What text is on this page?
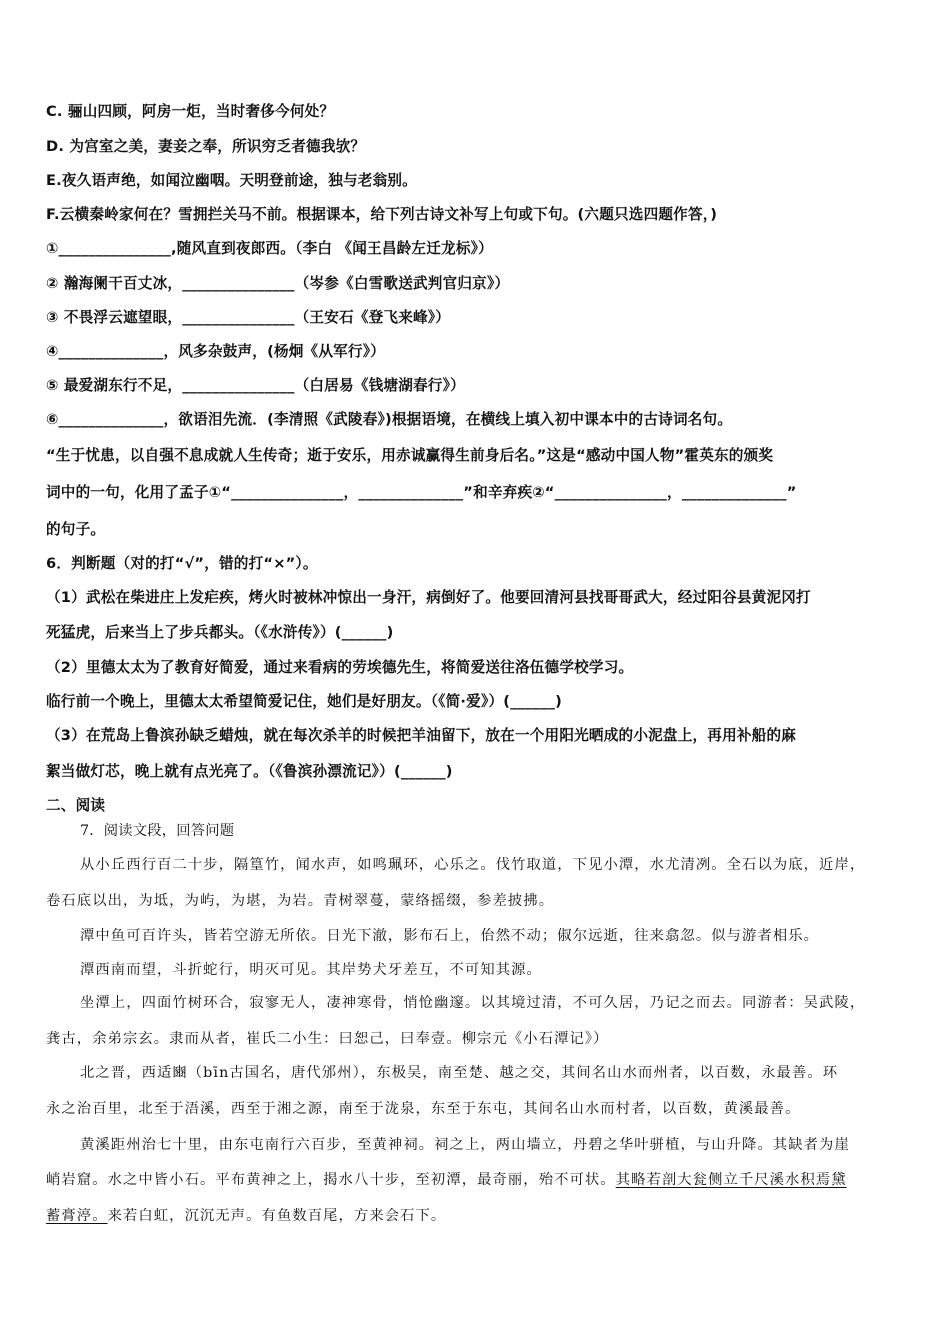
C. 骊山四顾，阿房一炬，当时奢侈今何处？
D. 为宫室之美，妻妾之奉，所识穷乏者德我欤？
E.夜久语声绝，如闻泣幽咽。天明登前途，独与老翁别。
F.云横秦岭家何在？雪拥拦关马不前。根据课本，给下列古诗文补写上句或下句。(六题只选四题作答，)
①_______________,随风直到夜郎西。（李白 《闻王昌龄左迁龙标》）
② 瀚海阑干百丈冰，_______________（岑参《白雪歌送武判官归京》）
③ 不畏浮云遮望眼，_______________（王安石《登飞来峰》）
④______________，风多杂鼓声，(杨炯《从军行》）
⑤ 最爱湖东行不足，_______________（白居易《钱塘湖春行》）
⑥______________，欲语泪先流．(李清照《武陵春》)根据语境，在横线上填入初中课本中的古诗词名句。
“生于忧患，以自强不息成就人生传奇；逝于安乐，用赤诚赢得生前身后名。”这是“感动中国人物”霍英东的颁奖
词中的一句，化用了孟子①“_______________，______________”和辛弃疾②“_______________，______________”
的句子。
6．判断题（对的打“√”，错的打“×”）。
（1）武松在柴进庄上发疟疾，烤火时被林冲惊出一身汗，病倒好了。他要回清河县找哥哥武大，经过阳谷县黄泥冈打
死猛虎，后来当上了步兵都头。（《水浒传》）(______)
（2）里德太太为了教育好简爱，通过来看病的劳埃德先生，将简爱送往洛伍德学校学习。
临行前一个晚上，里德太太希望简爱记住，她们是好朋友。（《简·爱》）(______)
（3）在荒岛上鲁滨孙缺乏蜡烛，就在每次杀羊的时候把羊油留下，放在一个用阳光晒成的小泥盘上，再用补船的麻
絮当做灯芯，晚上就有点光亮了。（《鲁滨孙漂流记》）(______)
二、阅读
7．阅读文段，回答问题
从小丘西行百二十步，隔篁竹，闻水声，如鸣珮环，心乐之。伐竹取道，下见小潭，水尤清冽。全石以为底，近岸，
卷石底以出，为坻，为屿，为堪，为岩。青树翠蔓，蒙络摇缀，参差披拂。
潭中鱼可百许头，皆若空游无所依。日光下澈，影布石上，佁然不动；俶尔远逝，往来翕忽。似与游者相乐。
潭西南而望，斗折蛇行，明灭可见。其岸势犬牙差互，不可知其源。
坐潭上，四面竹树环合，寂寥无人，凄神寒骨，悄怆幽邃。以其境过清，不可久居，乃记之而去。同游者：吴武陵，
龚古，余弟宗玄。隶而从者，崔氏二小生：曰恕己，曰奉壹。柳宗元《小石潭记》）
北之晋，西适豳（bīn古国名，唐代邠州），东极吴，南至楚、越之交，其间名山水而州者，以百数，永最善。环
永之治百里，北至于浯溪，西至于湘之源，南至于泷泉，东至于东屯，其间名山水而村者，以百数，黄溪最善。
黄溪距州治七十里，由东屯南行六百步，至黄神祠。祠之上，两山墙立，丹碧之华叶骈植，与山升降。其缺者为崖
峭岩窟。水之中皆小石。平布黄神之上，揭水八十步，至初潭，最奇丽，殆不可状。其略若剖大瓮侧立千尺溪水积焉黛
蓄膏渟。来若白虹，沉沉无声。有鱼数百尾，方来会石下。
